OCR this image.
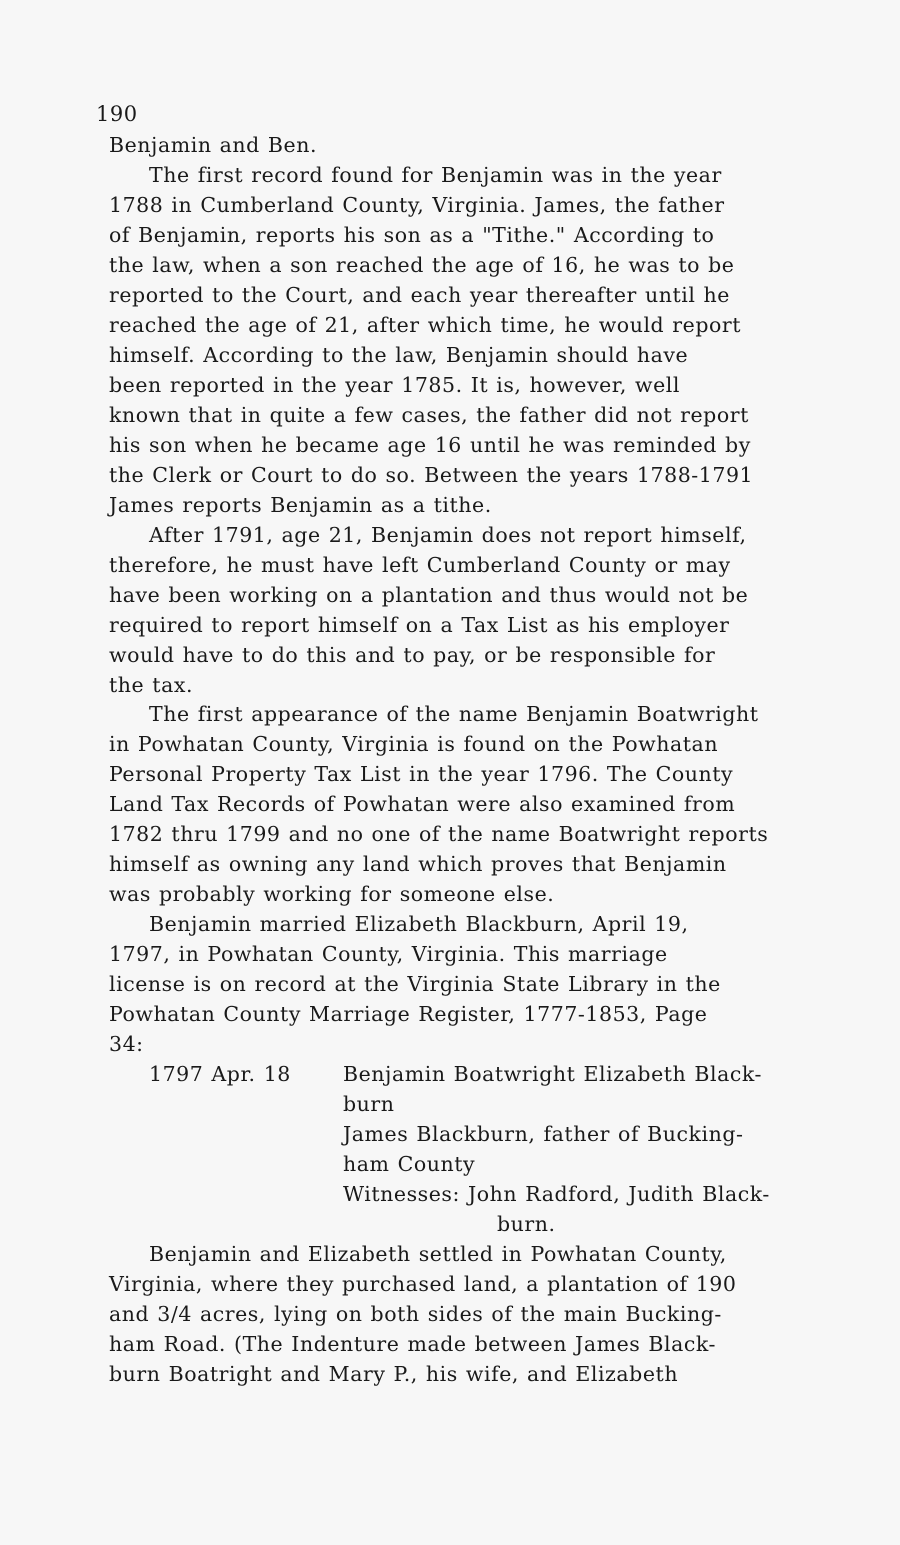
190
Benjamin and Ben.
The first record found for Benjamin was in the year
1788 in Cumberland County, Virginia. James, the father
of Benjamin, reports his son as a "Tithe." According to
the law, when a son reached the age of 16, he was to be
reported to the Court, and each year thereafter until he
reached the age of 21, after which time, he would report
himself. According to the law, Benjamin should have
been reported in the year 1785. It is, however, well
known that in quite a few cases, the father did not report
his son when he became age 16 until he was reminded by
the Clerk or Court to do so. Between the years 1788-1791
James reports Benjamin as a tithe.
After 1791, age 21, Benjamin does not report himself,
therefore, he must have left Cumberland County or may
have been working on a plantation and thus would not be
required to report himself on a Tax List as his employer
would have to do this and to pay, or be responsible for
the tax.
The first appearance of the name Benjamin Boatwright
in Powhatan County, Virginia is found on the Powhatan
Personal Property Tax List in the year 1796. The County
Land Tax Records of Powhatan were also examined from
1782 thru 1799 and no one of the name Boatwright reports
himself as owning any land which proves that Benjamin
was probably working for someone else.
Benjamin married Elizabeth Blackburn, April 19,
1797, in Powhatan County, Virginia. This marriage
license is on record at the Virginia State Library in the
Powhatan County Marriage Register, 1777-1853, Page
34:
1797 Apr. 18	Benjamin Boatwright Elizabeth Black-
burn
James Blackburn, father of Bucking-
ham County
Witnesses: John Radford, Judith Black-
burn.
Benjamin and Elizabeth settled in Powhatan County,
Virginia, where they purchased land, a plantation of 190
and 3/4 acres, lying on both sides of the main Bucking-
ham Road. (The Indenture made between James Black-
burn Boatright and Mary P., his wife, and Elizabeth
